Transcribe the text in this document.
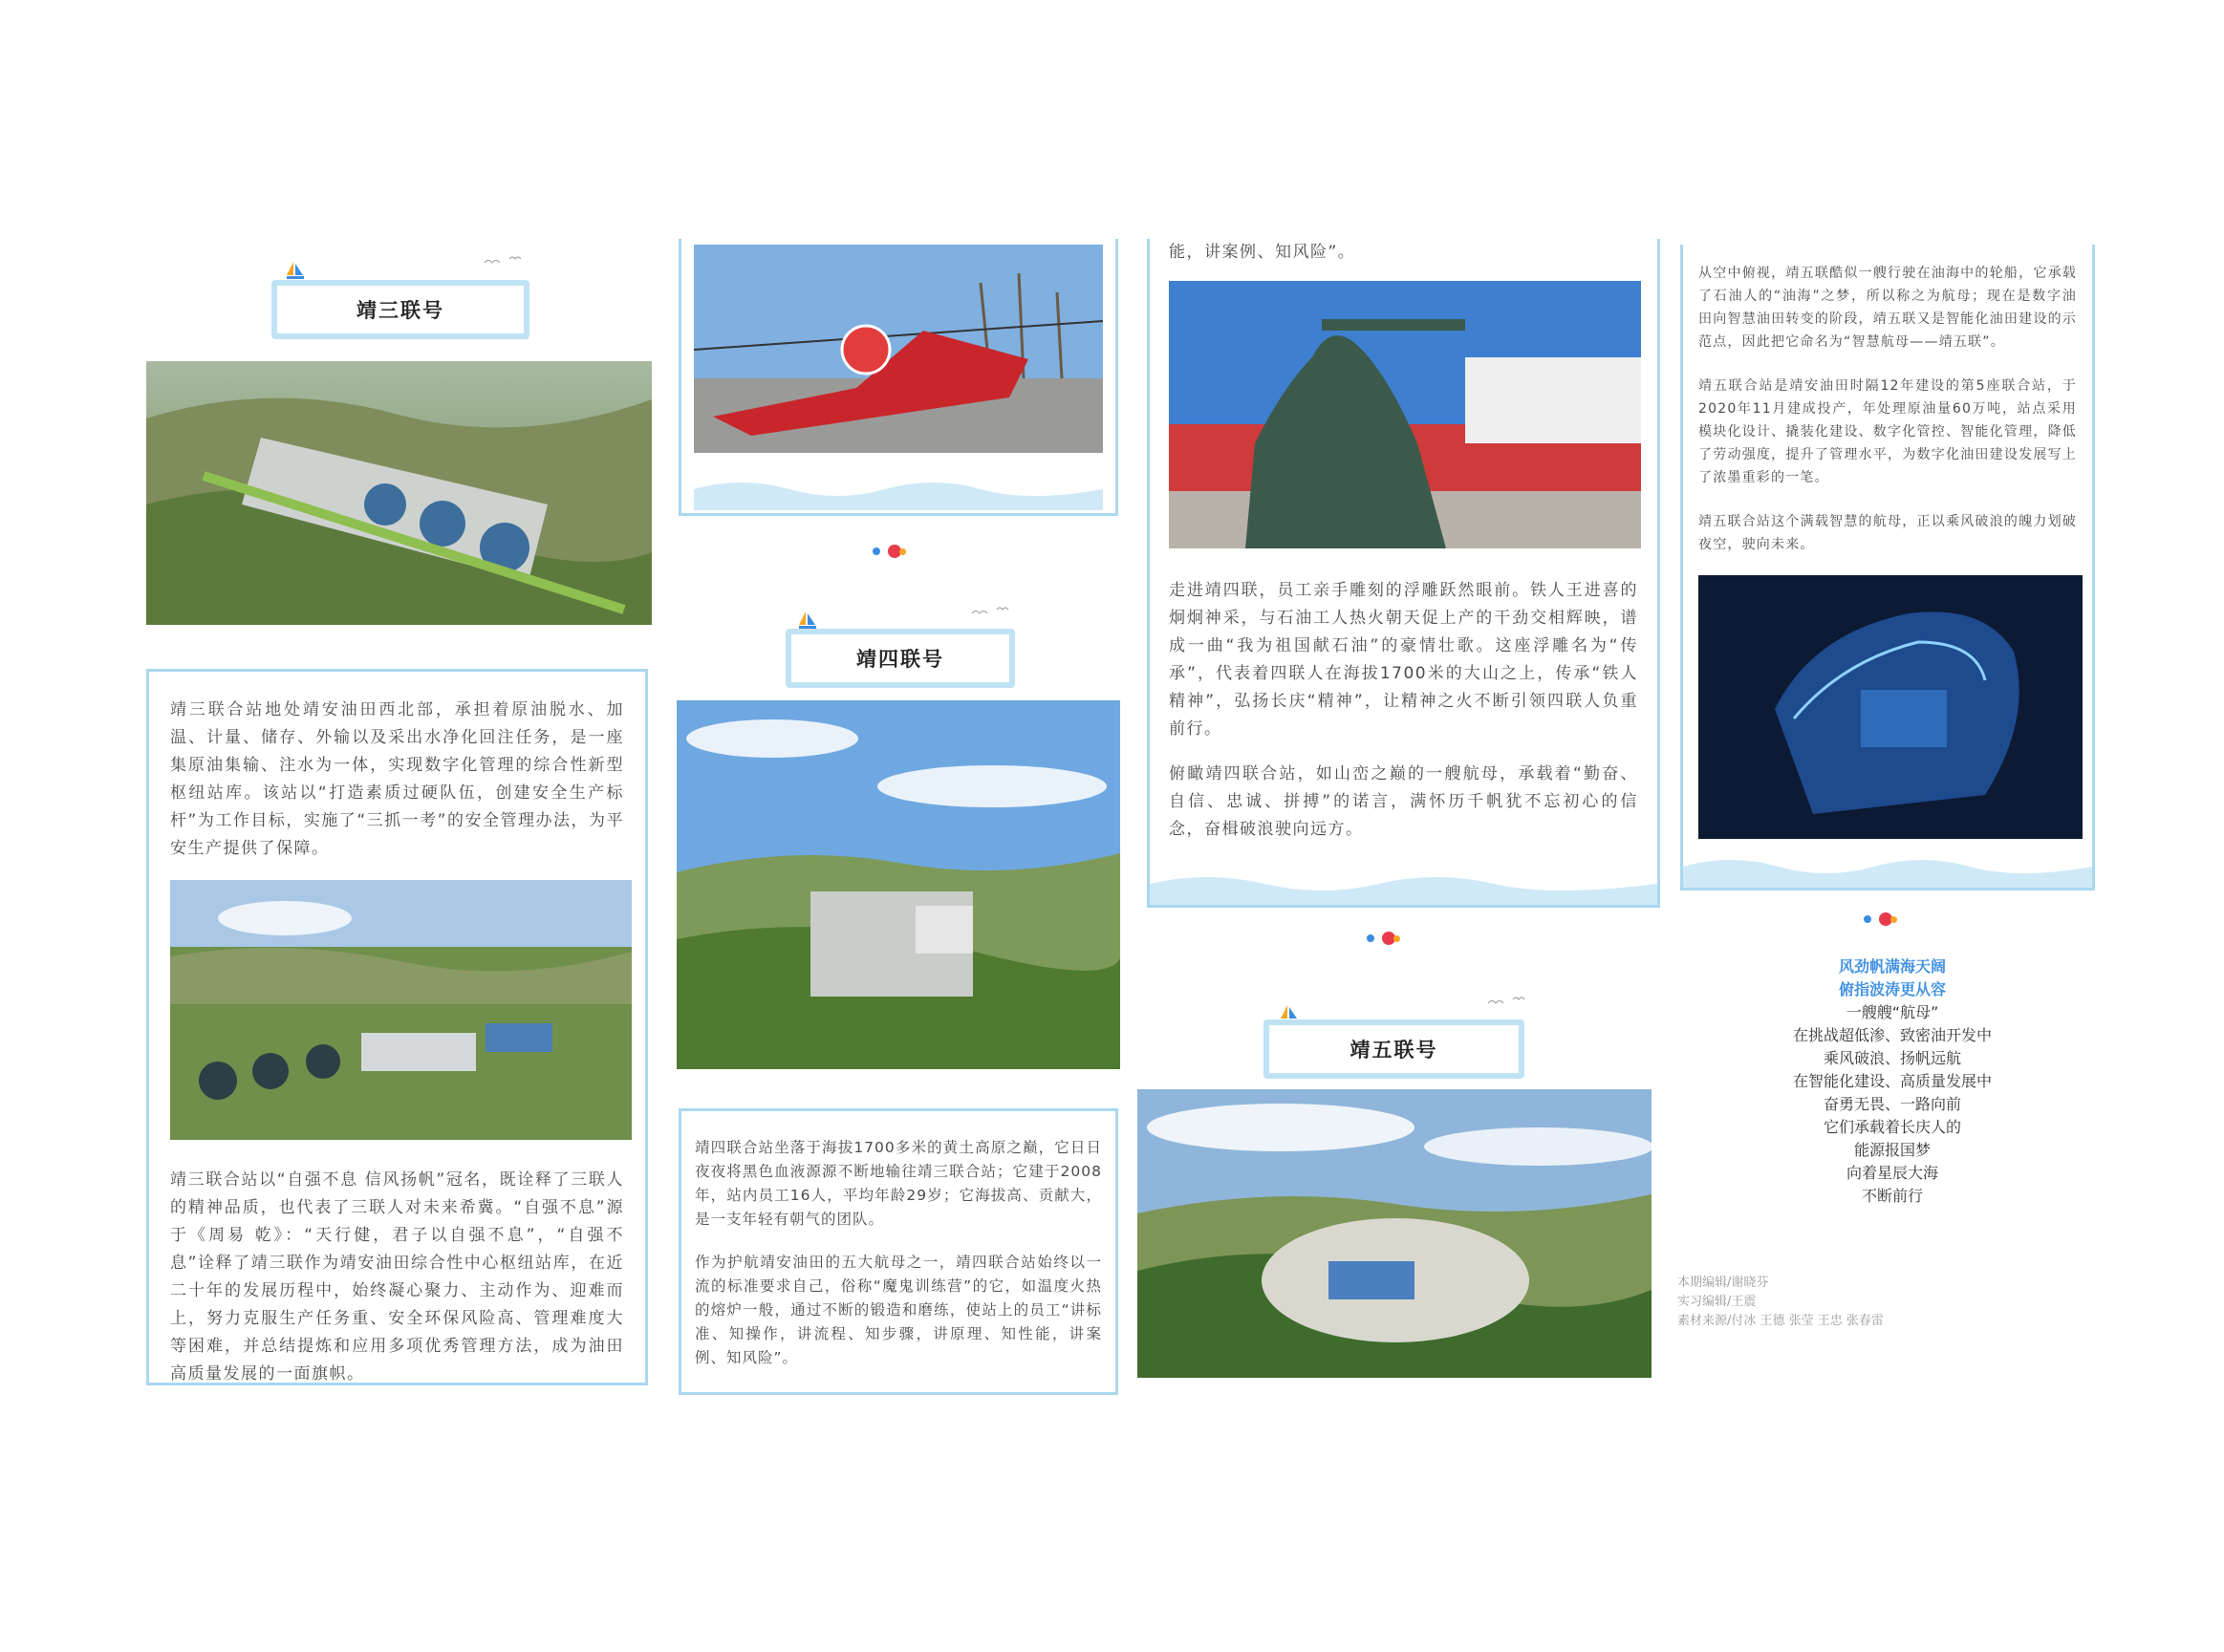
靖三联号

靖三联合站地处靖安油田西北部，承担着原油脱水、加温、计量、储存、外输以及采出水净化回注任务，是一座集原油集输、注水为一体，实现数字化管理的综合性新型枢纽站库。该站以“打造素质过硬队伍，创建安全生产标杆”为工作目标，实施了“三抓一考”的安全管理办法，为平安生产提供了保障。

靖三联合站以“自强不息 信风扬帆”冠名，既诠释了三联人的精神品质，也代表了三联人对未来希冀。“自强不息”源于《周易 乾》：“天行健，君子以自强不息”，“自强不息”诠释了靖三联作为靖安油田综合性中心枢纽站库，在近二十年的发展历程中，始终凝心聚力、主动作为、迎难而上，努力克服生产任务重、安全环保风险高、管理难度大等困难，并总结提炼和应用多项优秀管理方法，成为油田高质量发展的一面旗帜。

靖四联号

靖四联合站坐落于海拔1700多米的黄土高原之巅，它日日夜夜将黑色血液源源不断地输往靖三联合站；它建于2008年，站内员工16人，平均年龄29岁；它海拔高、贡献大，是一支年轻有朝气的团队。

作为护航靖安油田的五大航母之一，靖四联合站始终以一流的标准要求自己，俗称“魔鬼训练营”的它，如温度火热的熔炉一般，通过不断的锻造和磨练，使站上的员工“讲标准、知操作，讲流程、知步骤，讲原理、知性能，讲案例、知风险”。

能，讲案例、知风险”。

走进靖四联，员工亲手雕刻的浮雕跃然眼前。铁人王进喜的炯炯神采，与石油工人热火朝天促上产的干劲交相辉映，谱成一曲“我为祖国献石油”的豪情壮歌。这座浮雕名为“传承”，代表着四联人在海拔1700米的大山之上，传承“铁人精神”，弘扬长庆“精神”，让精神之火不断引领四联人负重前行。

俯瞰靖四联合站，如山峦之巅的一艘航母，承载着“勤奋、自信、忠诚、拼搏”的诺言，满怀历千帆犹不忘初心的信念，奋楫破浪驶向远方。

靖五联号

从空中俯视，靖五联酷似一艘行驶在油海中的轮船，它承载了石油人的“油海”之梦，所以称之为航母；现在是数字油田向智慧油田转变的阶段，靖五联又是智能化油田建设的示范点，因此把它命名为“智慧航母——靖五联”。

靖五联合站是靖安油田时隔12年建设的第5座联合站，于2020年11月建成投产，年处理原油量60万吨，站点采用模块化设计、撬装化建设、数字化管控、智能化管理，降低了劳动强度，提升了管理水平，为数字化油田建设发展写上了浓墨重彩的一笔。

靖五联合站这个满载智慧的航母，正以乘风破浪的魄力划破夜空，驶向未来。

风劲帆满海天阔
俯指波涛更从容
一艘艘“航母”
在挑战超低渗、致密油开发中
乘风破浪、扬帆远航
在智能化建设、高质量发展中
奋勇无畏、一路向前
它们承载着长庆人的
能源报国梦
向着星辰大海
不断前行
本期编辑/谢晓芬
实习编辑/王震
素材来源/付冰 王德 张莹 王忠 张春雷
